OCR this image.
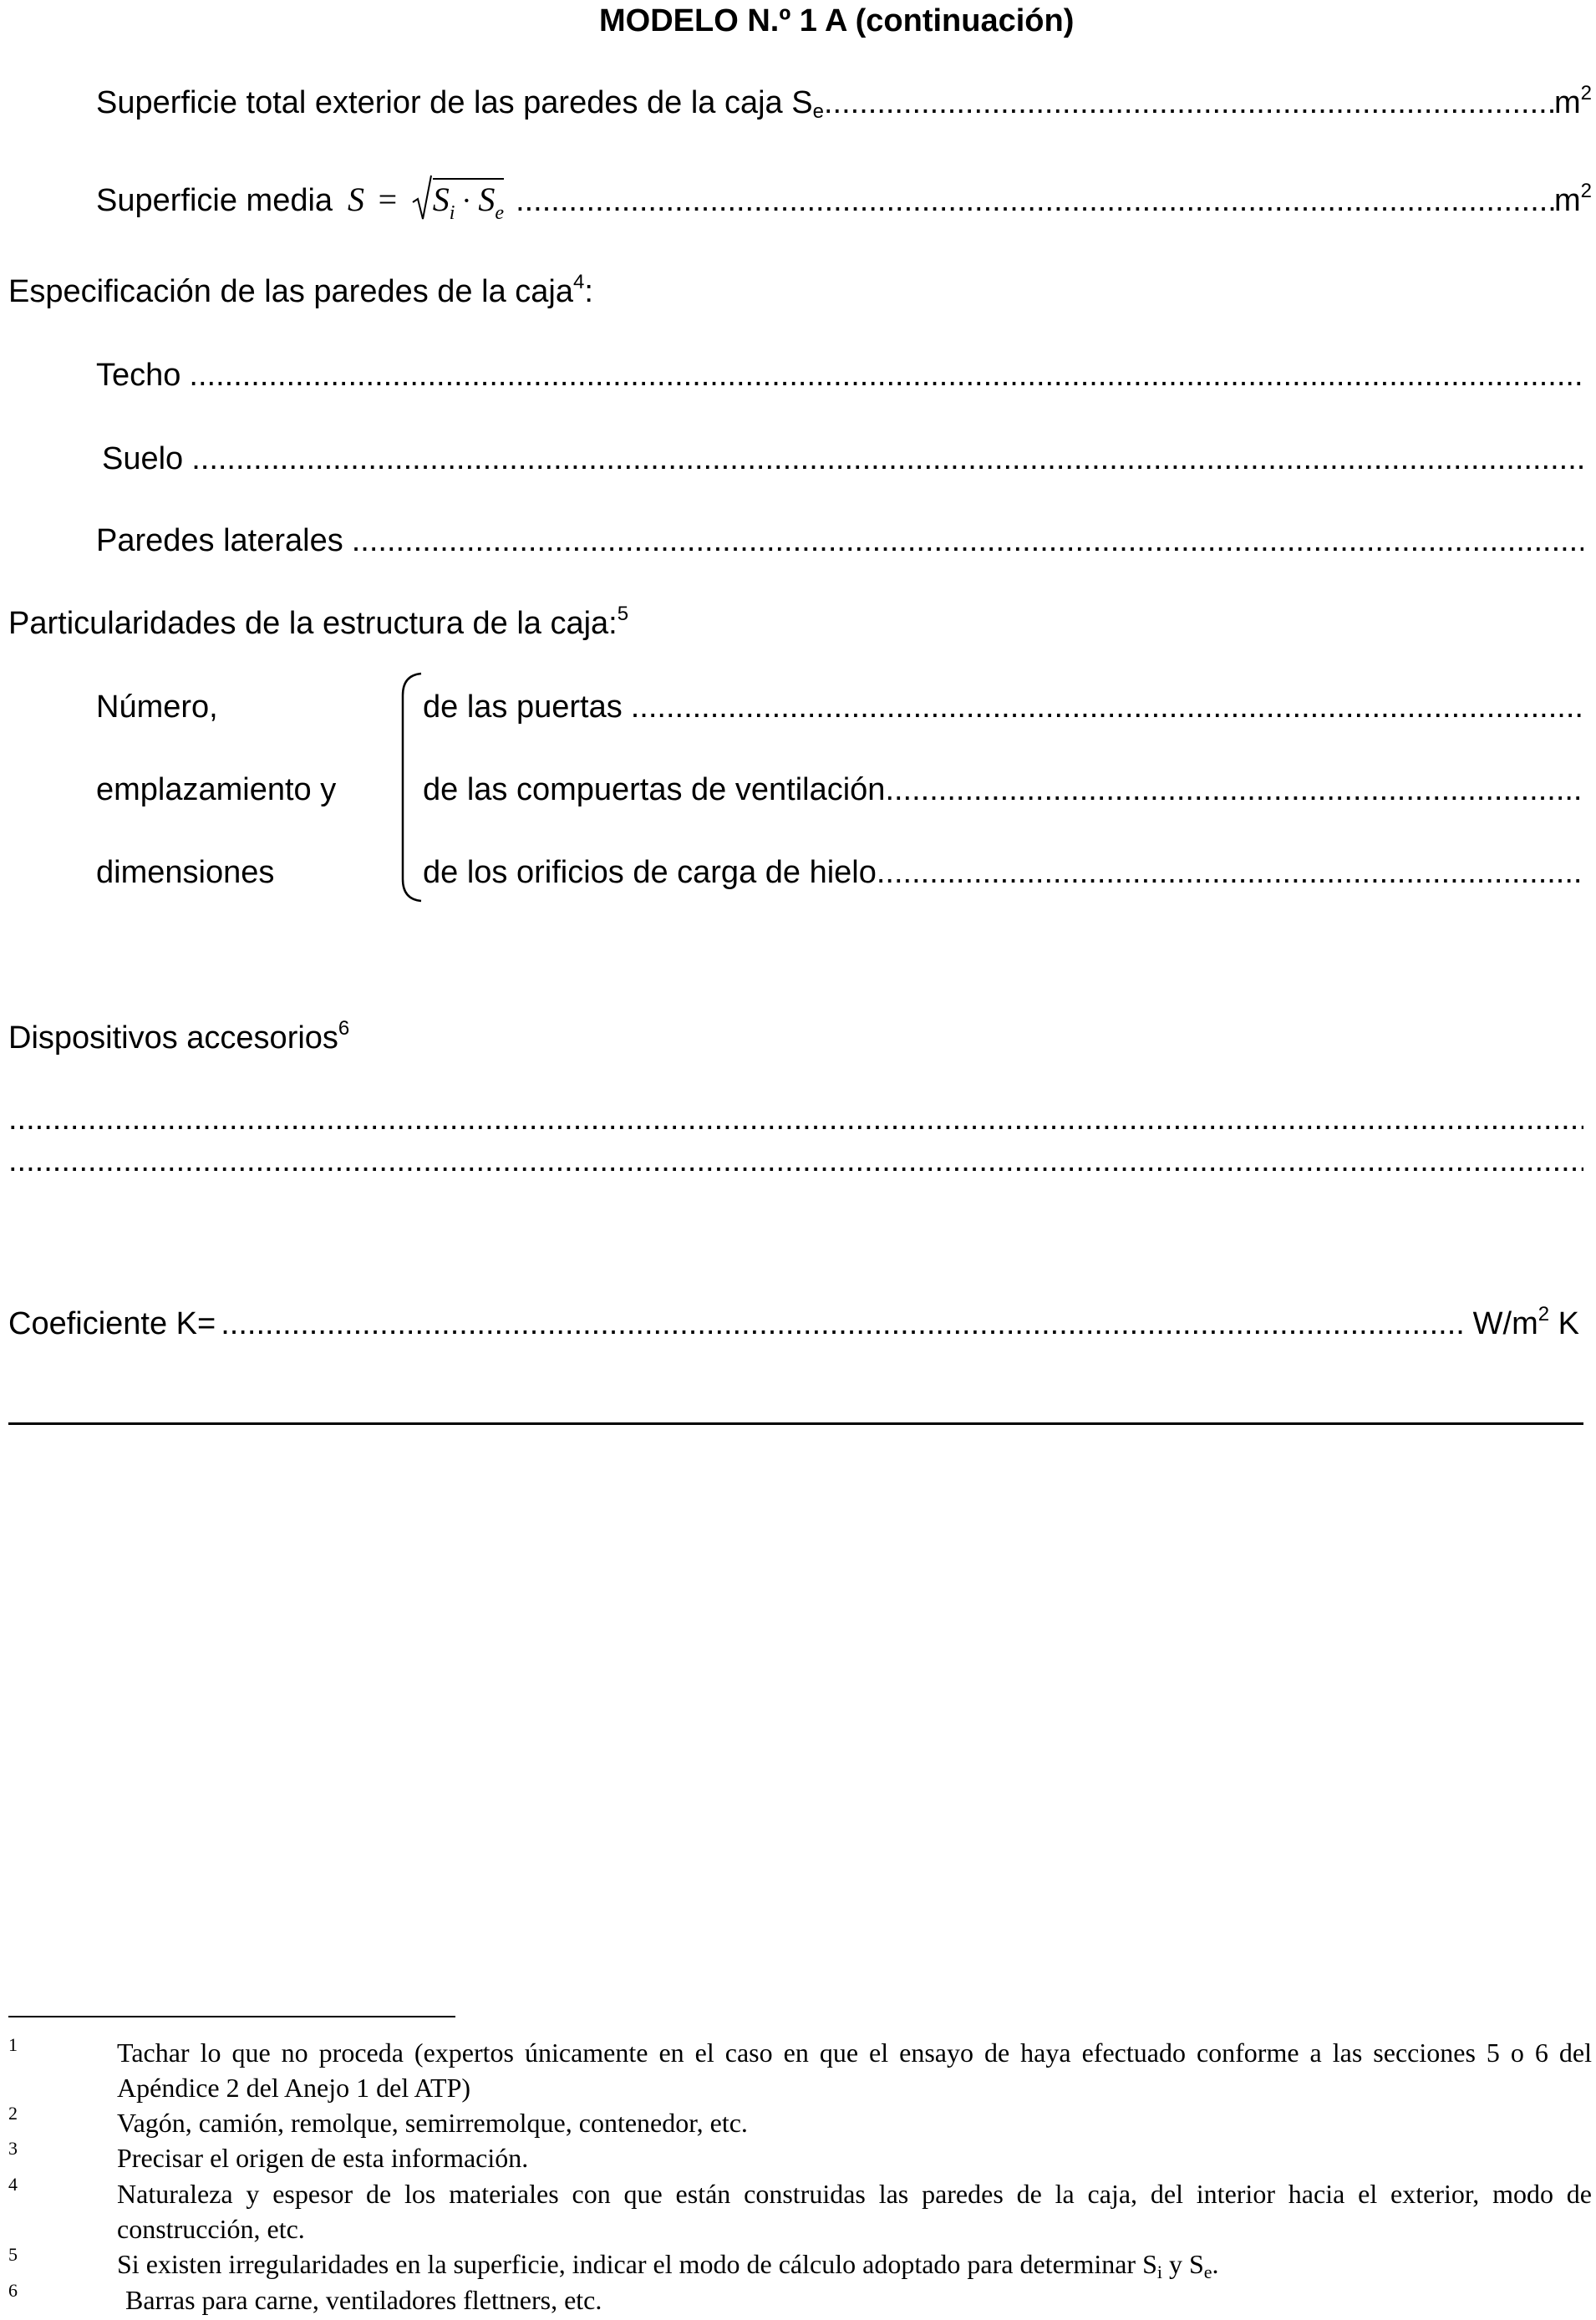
MODELO N.º 1 A (continuación)
Superficie total exterior de las paredes de la caja $S_e$ .....	$m^2$
Superficie media $S = S_i \cdot S_e$ .....	$m^2$
Especificación de las paredes de la caja$^4$:
Techo
.....
Suelo
.....
Paredes laterales
.....
Particularidades de la estructura de la caja:$^5$
Número,
emplazamiento y
dimensiones
de las puertas
.....
de las compuertas de ventilación
.....
de los orificios de carga de hielo
.....
Dispositivos accesorios$^6$
.....
.....
Coeficiente K= .....	$W/m^2$ K
1	Tachar lo que no proceda (expertos únicamente en el caso en que el ensayo de haya efectuado conforme a las secciones 5 o 6 del Apéndice 2 del Anejo 1 del ATP)
2	Vagón, camión, remolque, semirremolque, contenedor, etc.
3	Precisar el origen de esta información.
4	Naturaleza y espesor de los materiales con que están construidas las paredes de la caja, del interior hacia el exterior, modo de construcción, etc.
5	Si existen irregularidades en la superficie, indicar el modo de cálculo adoptado para determinar $S_i$ y $S_e$.
6	Barras para carne, ventiladores flettners, etc.
